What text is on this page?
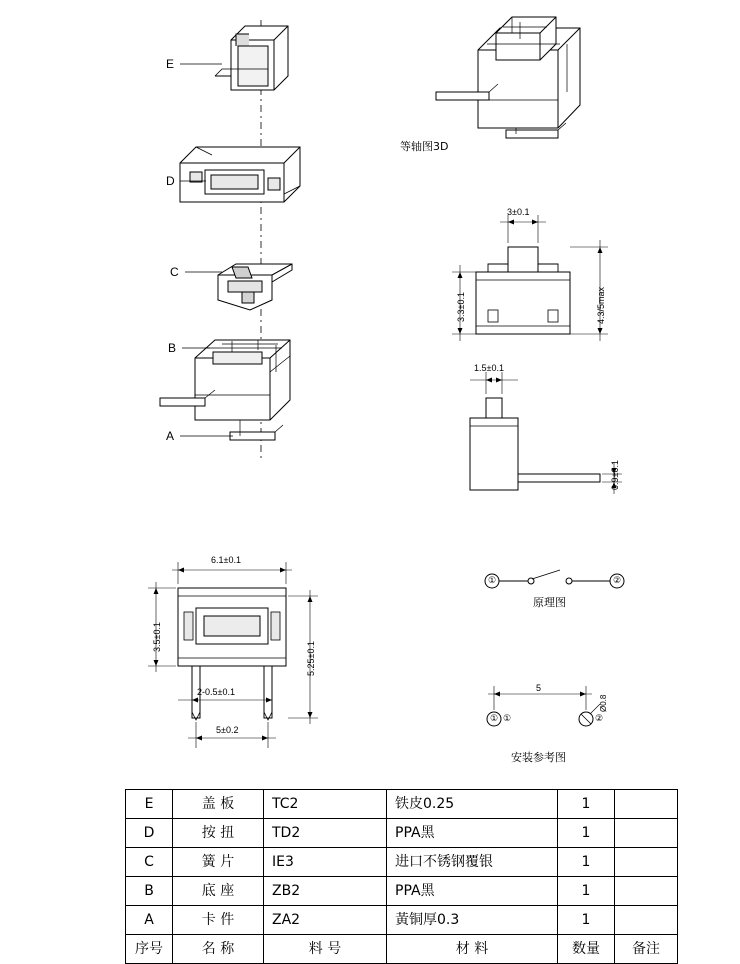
E
D
C
B
A
等轴图3D
3±0.1
3.3±0.1	4.3/5max
1.5±0.1
0.9±0.1
6.1±0.1
3.5±0.1
5.25±0.1
2-0.5±0.1
5±0.2
①	②
原理图
5
① ①	②
Ø0.8
安装参考图
E	盖 板	TC2	铁皮0.25	1	
D	按 扭	TD2	PPA黑	1	
C	簧 片	IE3	进口不锈钢覆银	1	
B	底 座	ZB2	PPA黑	1	
A	卡 件	ZA2	黃铜厚0.3	1	
序号	名 称	料 号	材 料	数量	备注
